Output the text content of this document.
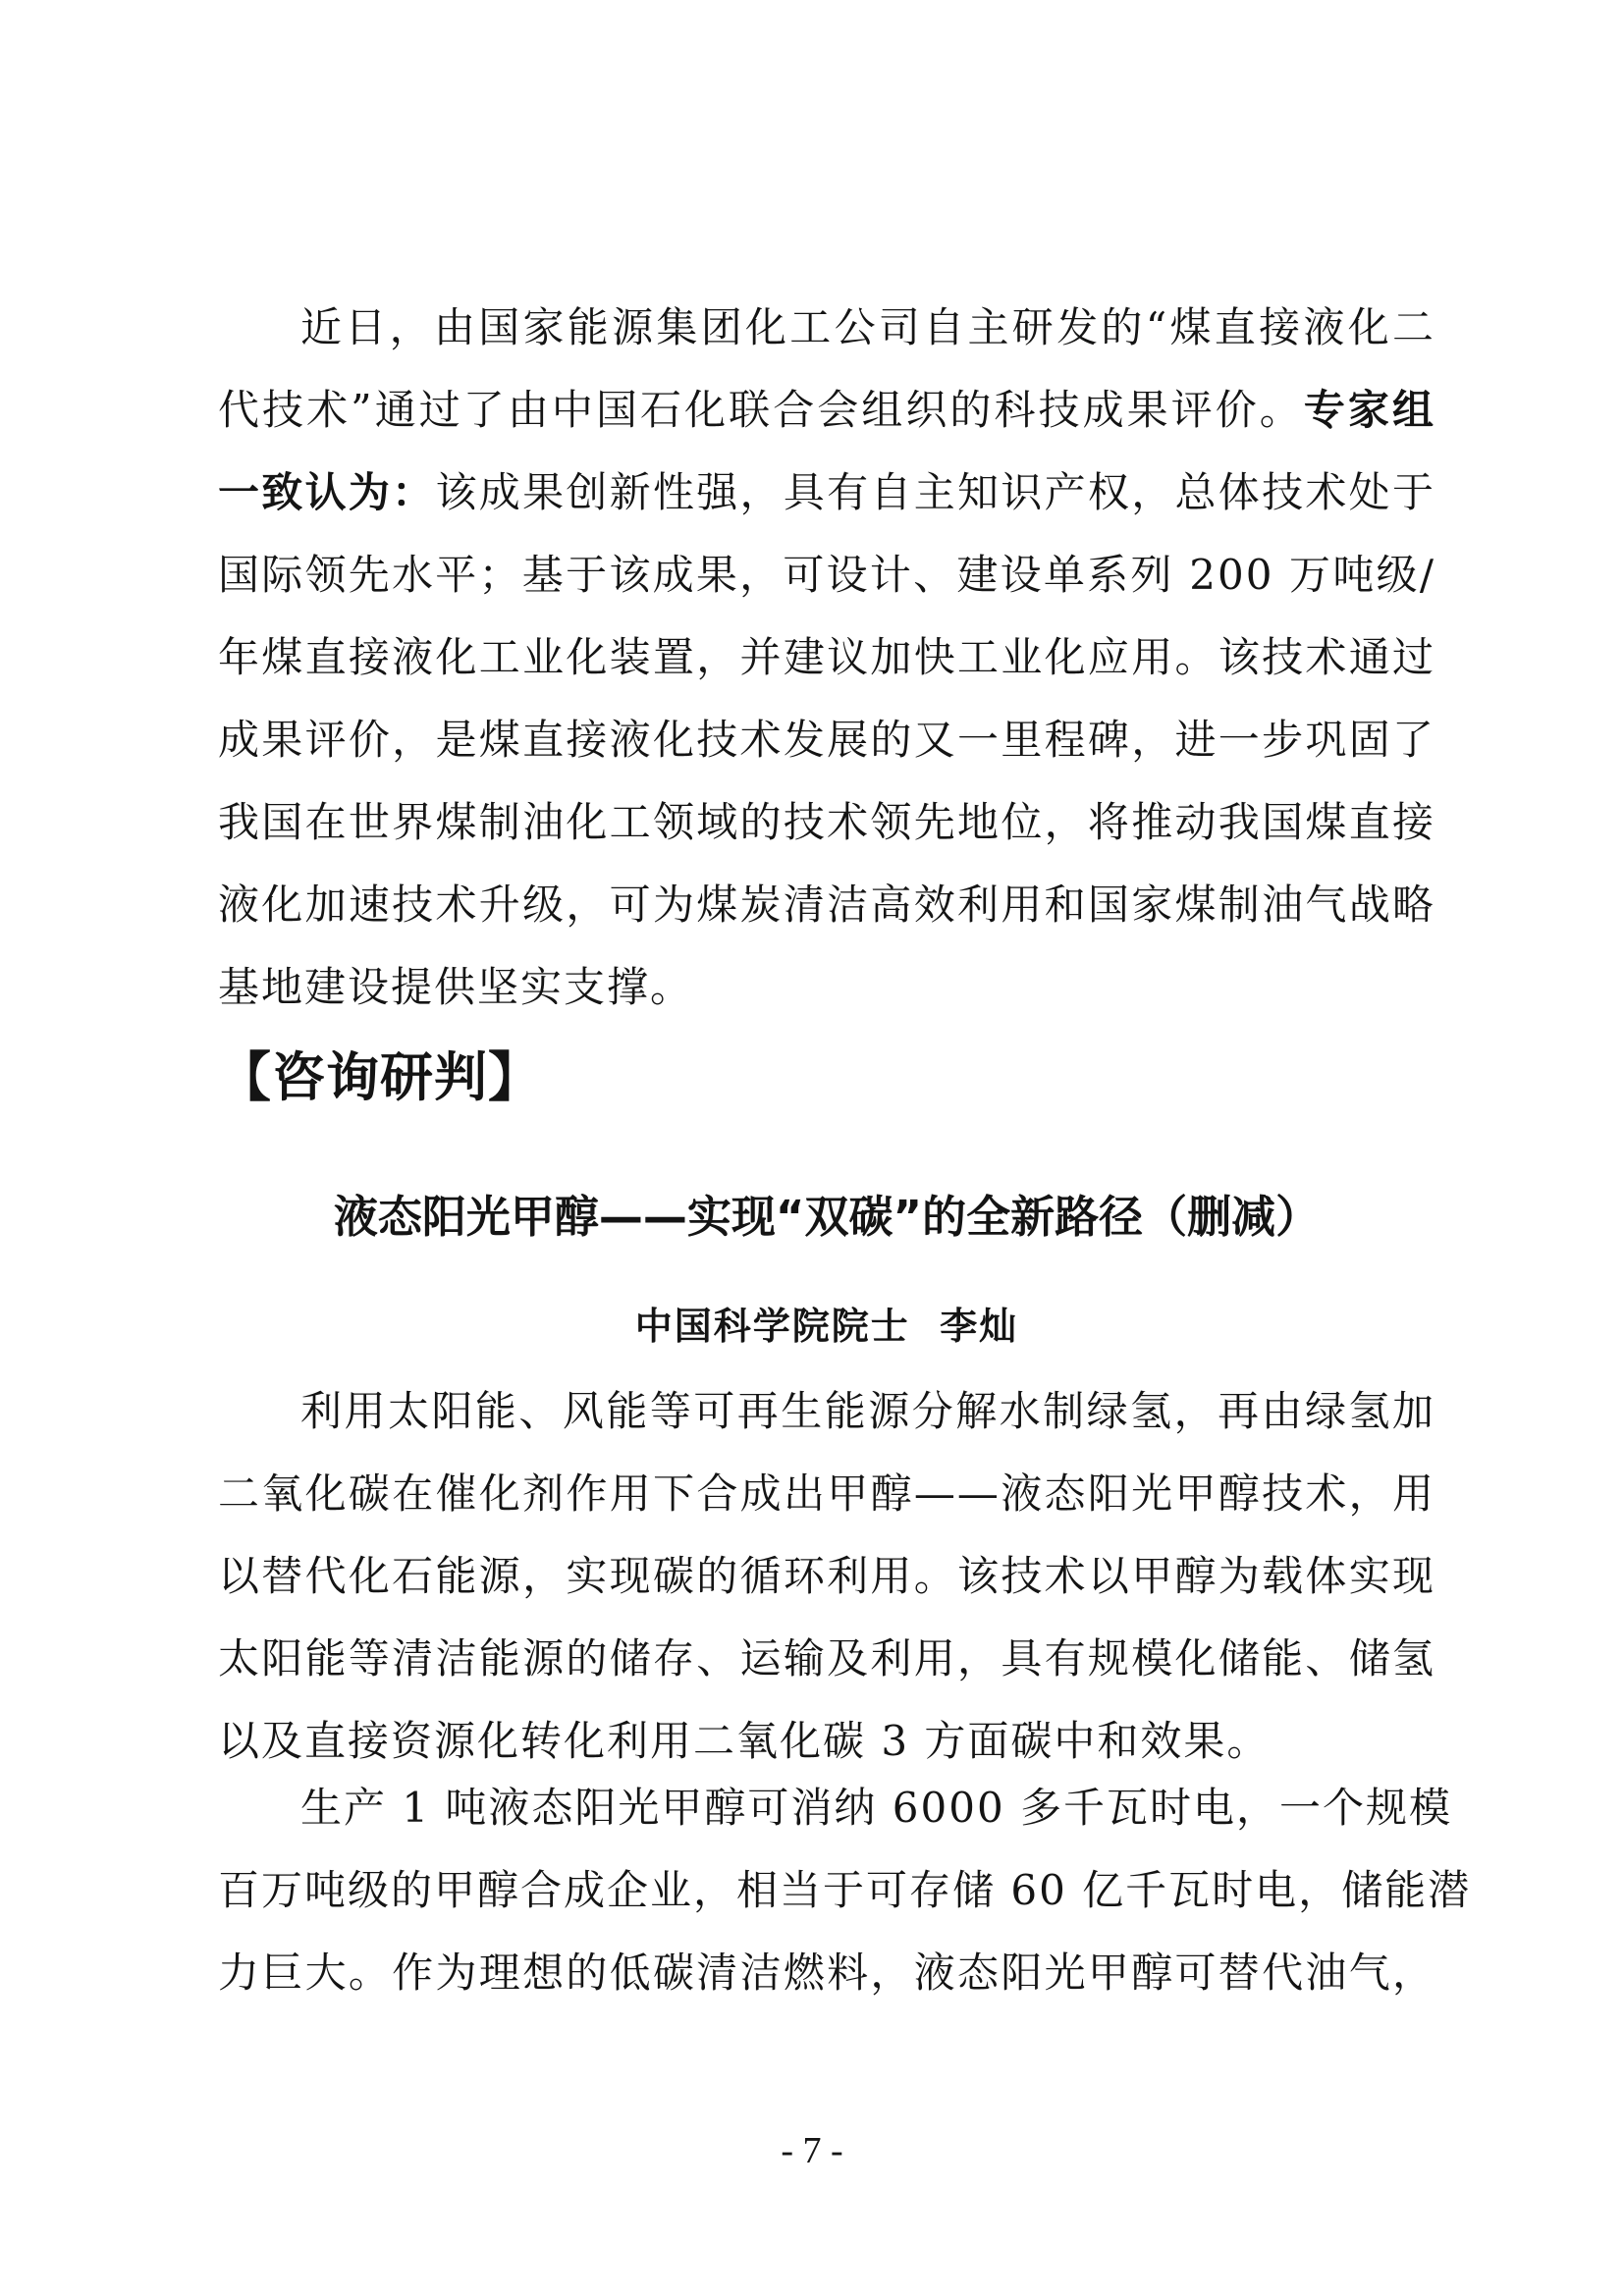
近日，由国家能源集团化工公司自主研发的“煤直接液化二
代技术”通过了由中国石化联合会组织的科技成果评价。专家组
一致认为：该成果创新性强，具有自主知识产权，总体技术处于
国际领先水平；基于该成果，可设计、建设单系列 200 万吨级/
年煤直接液化工业化装置，并建议加快工业化应用。该技术通过
成果评价，是煤直接液化技术发展的又一里程碑，进一步巩固了
我国在世界煤制油化工领域的技术领先地位，将推动我国煤直接
液化加速技术升级，可为煤炭清洁高效利用和国家煤制油气战略
基地建设提供坚实支撑。
【咨询研判】
液态阳光甲醇——实现“双碳”的全新路径（删减）
中国科学院院士  李灿
利用太阳能、风能等可再生能源分解水制绿氢，再由绿氢加
二氧化碳在催化剂作用下合成出甲醇——液态阳光甲醇技术，用
以替代化石能源，实现碳的循环利用。该技术以甲醇为载体实现
太阳能等清洁能源的储存、运输及利用，具有规模化储能、储氢
以及直接资源化转化利用二氧化碳 3 方面碳中和效果。
生产 1 吨液态阳光甲醇可消纳 6000 多千瓦时电，一个规模
百万吨级的甲醇合成企业，相当于可存储 60 亿千瓦时电，储能潜
力巨大。作为理想的低碳清洁燃料，液态阳光甲醇可替代油气，
- 7 -
